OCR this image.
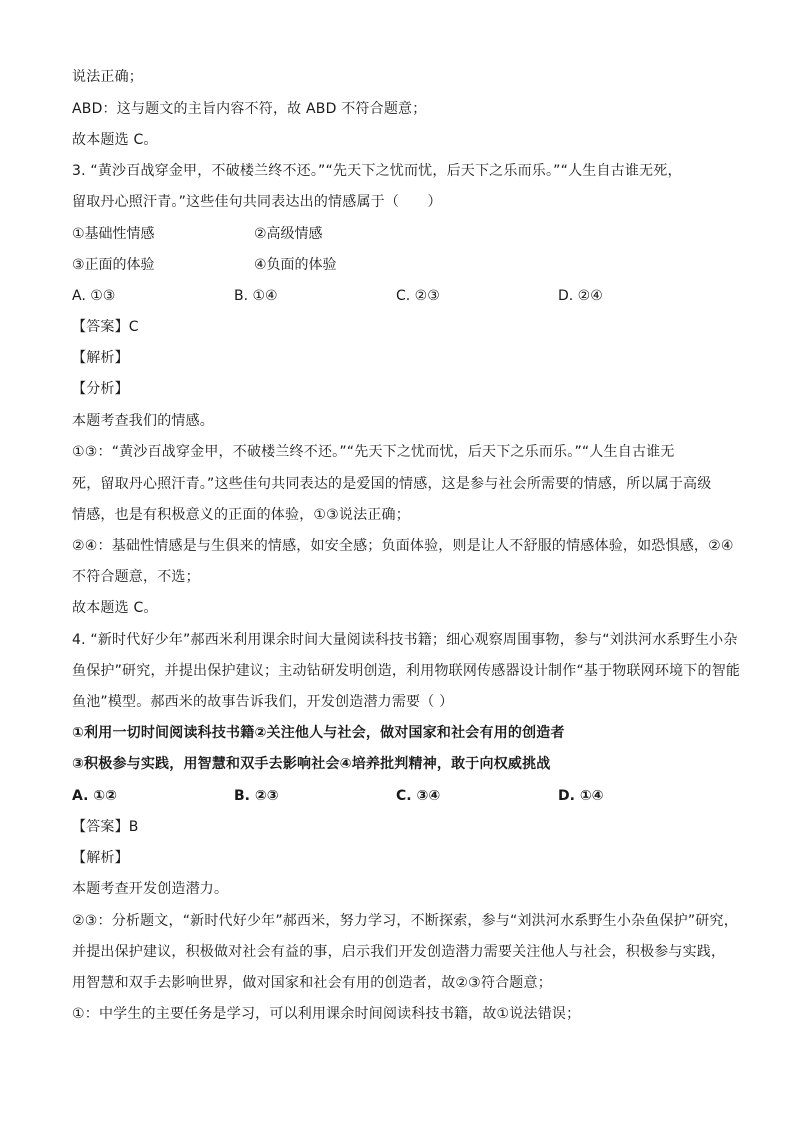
说法正确；
ABD：这与题文的主旨内容不符，故 ABD 不符合题意；
故本题选 C。
3. “黄沙百战穿金甲，不破楼兰终不还。”“先天下之忧而忧，后天下之乐而乐。”“人生自古谁无死，
留取丹心照汗青。”这些佳句共同表达出的情感属于（　　）
①基础性情感	②高级情感
③正面的体验	④负面的体验
A. ①③	B. ①④	C. ②③	D. ②④
【答案】C
【解析】
【分析】
本题考查我们的情感。
①③：“黄沙百战穿金甲，不破楼兰终不还。”“先天下之忧而忧，后天下之乐而乐。”“人生自古谁无
死，留取丹心照汗青。”这些佳句共同表达的是爱国的情感，这是参与社会所需要的情感，所以属于高级
情感，也是有积极意义的正面的体验，①③说法正确；
②④：基础性情感是与生俱来的情感，如安全感；负面体验，则是让人不舒服的情感体验，如恐惧感，②④
不符合题意，不选；
故本题选 C。
4. “新时代好少年”郝西米利用课余时间大量阅读科技书籍；细心观察周围事物，参与“刘洪河水系野生小杂
鱼保护”研究，并提出保护建议；主动钻研发明创造，利用物联网传感器设计制作“基于物联网环境下的智能
鱼池”模型。郝西米的故事告诉我们，开发创造潜力需要（ ）
①利用一切时间阅读科技书籍②关注他人与社会，做对国家和社会有用的创造者
③积极参与实践，用智慧和双手去影响社会④培养批判精神，敢于向权威挑战
A. ①②	B. ②③	C. ③④	D. ①④
【答案】B
【解析】
本题考查开发创造潜力。
②③：分析题文，“新时代好少年”郝西米，努力学习，不断探索，参与“刘洪河水系野生小杂鱼保护”研究，
并提出保护建议，积极做对社会有益的事，启示我们开发创造潜力需要关注他人与社会，积极参与实践，
用智慧和双手去影响世界，做对国家和社会有用的创造者，故②③符合题意；
①：中学生的主要任务是学习，可以利用课余时间阅读科技书籍，故①说法错误；
